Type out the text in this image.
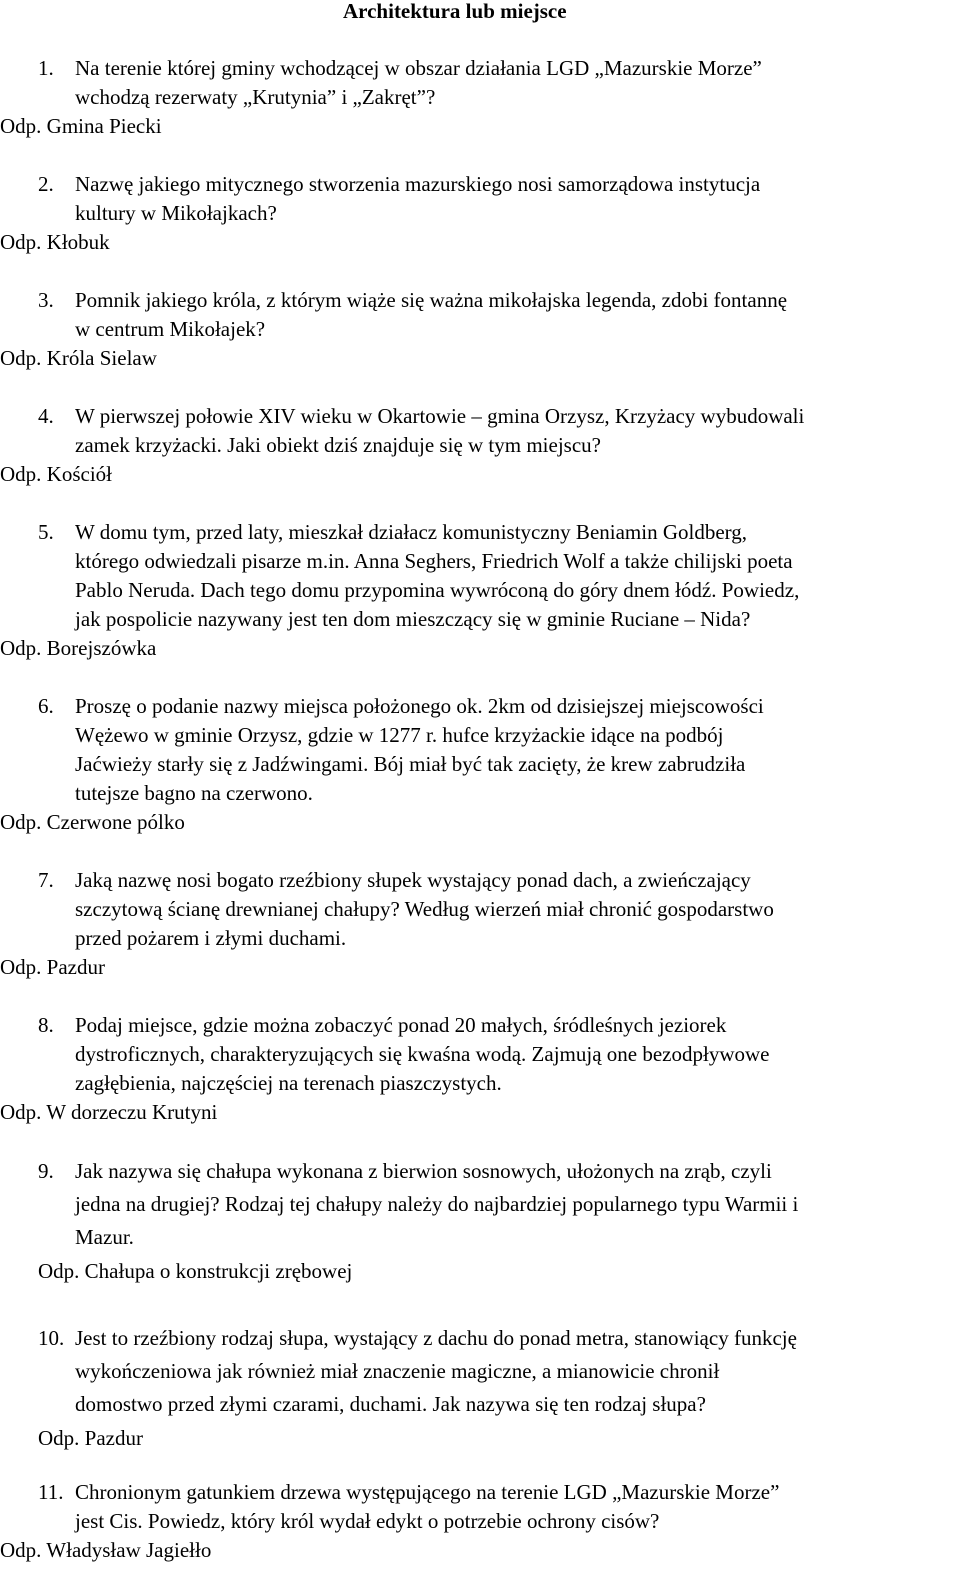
Architektura lub miejsce
1. Na terenie której gminy wchodzącej w obszar działania LGD „Mazurskie Morze”
wchodzą rezerwaty „Krutynia” i „Zakręt”?
Odp. Gmina Piecki
2. Nazwę jakiego mitycznego stworzenia mazurskiego nosi samorządowa instytucja
kultury w Mikołajkach?
Odp. Kłobuk
3. Pomnik jakiego króla, z którym wiąże się ważna mikołajska legenda, zdobi fontannę
w centrum Mikołajek?
Odp. Króla Sielaw
4. W pierwszej połowie XIV wieku w Okartowie – gmina Orzysz, Krzyżacy wybudowali
zamek krzyżacki. Jaki obiekt dziś znajduje się w tym miejscu?
Odp. Kościół
5. W domu tym, przed laty, mieszkał działacz komunistyczny Beniamin Goldberg,
którego odwiedzali pisarze m.in. Anna Seghers, Friedrich Wolf a także chilijski poeta
Pablo Neruda. Dach tego domu przypomina wywróconą do góry dnem łódź. Powiedz,
jak pospolicie nazywany jest ten dom mieszczący się w gminie Ruciane – Nida?
Odp. Borejszówka
6. Proszę o podanie nazwy miejsca położonego ok. 2km od dzisiejszej miejscowości
Wężewo w gminie Orzysz, gdzie w 1277 r. hufce krzyżackie idące na podbój
Jaćwieży starły się z Jadźwingami. Bój miał być tak zacięty, że krew zabrudziła
tutejsze bagno na czerwono.
Odp. Czerwone pólko
7. Jaką nazwę nosi bogato rzeźbiony słupek wystający ponad dach, a zwieńczający
szczytową ścianę drewnianej chałupy? Według wierzeń miał chronić gospodarstwo
przed pożarem i złymi duchami.
Odp. Pazdur
8. Podaj miejsce, gdzie można zobaczyć ponad 20 małych, śródleśnych jeziorek
dystroficznych, charakteryzujących się kwaśna wodą. Zajmują one bezodpływowe
zagłębienia, najczęściej na terenach piaszczystych.
Odp. W dorzeczu Krutyni
9. Jak nazywa się chałupa wykonana z bierwion sosnowych, ułożonych na zrąb, czyli
jedna na drugiej? Rodzaj tej chałupy należy do najbardziej popularnego typu Warmii i
Mazur.
Odp. Chałupa o konstrukcji zrębowej
10. Jest to rzeźbiony rodzaj słupa, wystający z dachu do ponad metra, stanowiący funkcję
wykończeniowa jak również miał znaczenie magiczne, a mianowicie chronił
domostwo przed złymi czarami, duchami. Jak nazywa się ten rodzaj słupa?
Odp. Pazdur
11. Chronionym gatunkiem drzewa występującego na terenie LGD „Mazurskie Morze”
jest Cis. Powiedz, który król wydał edykt o potrzebie ochrony cisów?
Odp. Władysław Jagiełło
